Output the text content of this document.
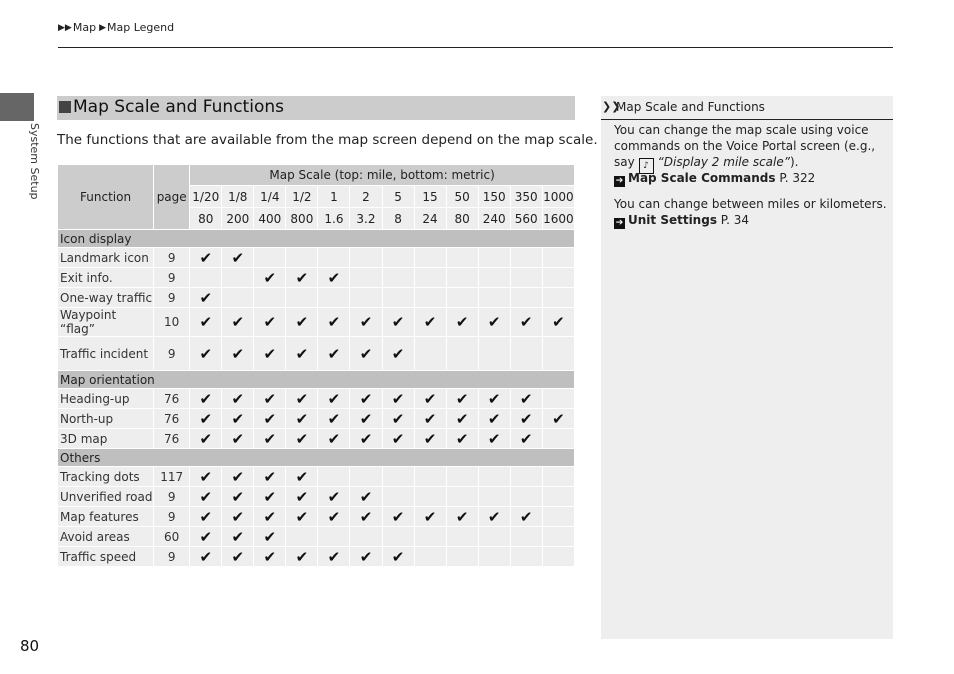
▶▶ Map ▶ Map Legend
System Setup
80
Map Scale and Functions
The functions that are available from the map screen depend on the map scale.
Function	page	Map Scale (top: mile, bottom: metric)											
		1/20	1/8	1/4	1/2	1	2	5	15	50	150	350	1000
		80	200	400	800	1.6	3.2	8	24	80	240	560	1600
Icon display													
Landmark icon	9	✔	✔										
Exit info.	9			✔	✔	✔							
One-way traffic	9	✔											
Waypoint “flag”	10	✔	✔	✔	✔	✔	✔	✔	✔	✔	✔	✔	✔
Traffic incident	9	✔	✔	✔	✔	✔	✔	✔					
Map orientation													
Heading-up	76	✔	✔	✔	✔	✔	✔	✔	✔	✔	✔	✔	
North-up	76	✔	✔	✔	✔	✔	✔	✔	✔	✔	✔	✔	✔
3D map	76	✔	✔	✔	✔	✔	✔	✔	✔	✔	✔	✔	
Others													
Tracking dots	117	✔	✔	✔	✔								
Unverified road	9	✔	✔	✔	✔	✔	✔						
Map features	9	✔	✔	✔	✔	✔	✔	✔	✔	✔	✔	✔	
Avoid areas	60	✔	✔	✔									
Traffic speed	9	✔	✔	✔	✔	✔	✔	✔					
❯❯
Map Scale and Functions
You can change the map scale using voice commands on the Voice Portal screen (e.g., say ♪ “Display 2 mile scale”).
➔ Map Scale Commands P. 322
You can change between miles or kilometers.
➔ Unit Settings P. 34
